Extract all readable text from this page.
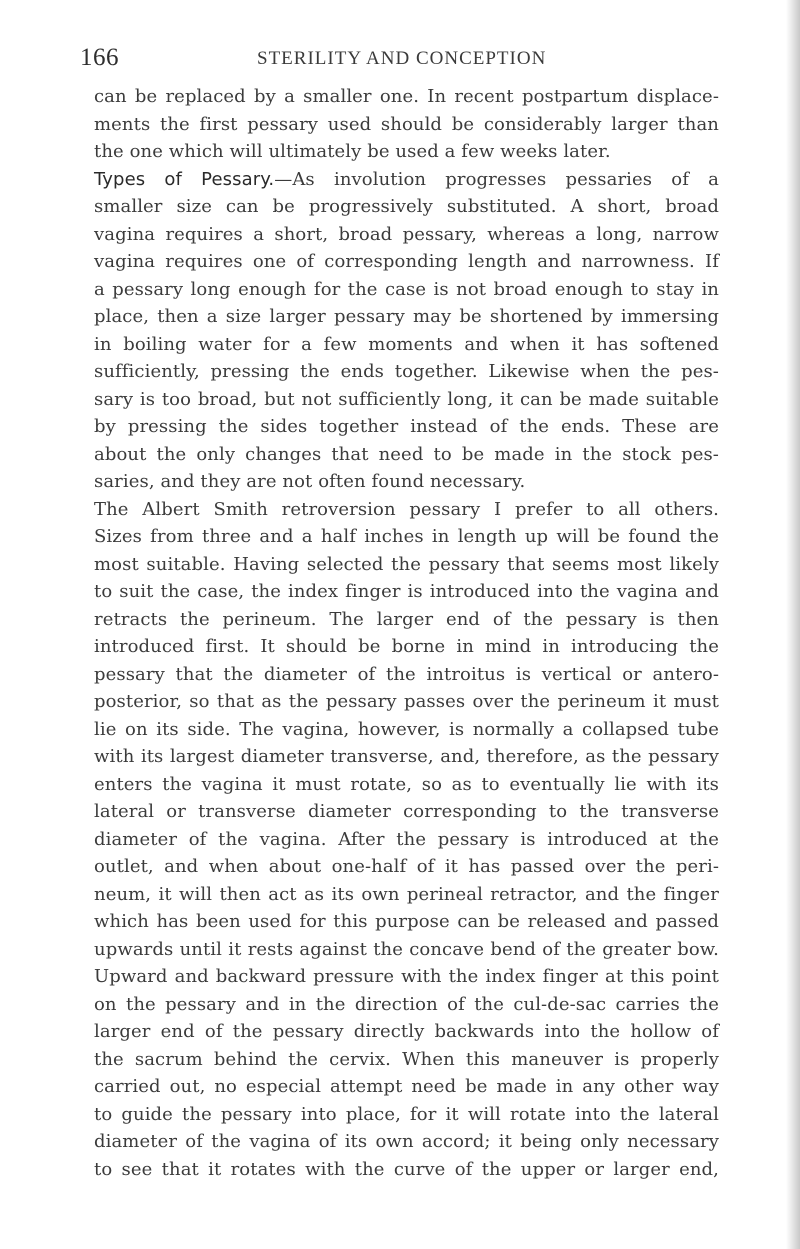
166	STERILITY AND CONCEPTION
can be replaced by a smaller one. In recent postpartum displace-
ments the first pessary used should be considerably larger than
the one which will ultimately be used a few weeks later.
Types of Pessary.—As involution progresses pessaries of a
smaller size can be progressively substituted. A short, broad
vagina requires a short, broad pessary, whereas a long, narrow
vagina requires one of corresponding length and narrowness. If
a pessary long enough for the case is not broad enough to stay in
place, then a size larger pessary may be shortened by immersing
in boiling water for a few moments and when it has softened
sufficiently, pressing the ends together. Likewise when the pes-
sary is too broad, but not sufficiently long, it can be made suitable
by pressing the sides together instead of the ends. These are
about the only changes that need to be made in the stock pes-
saries, and they are not often found necessary.
The Albert Smith retroversion pessary I prefer to all others.
Sizes from three and a half inches in length up will be found the
most suitable. Having selected the pessary that seems most likely
to suit the case, the index finger is introduced into the vagina and
retracts the perineum. The larger end of the pessary is then
introduced first. It should be borne in mind in introducing the
pessary that the diameter of the introitus is vertical or antero-
posterior, so that as the pessary passes over the perineum it must
lie on its side. The vagina, however, is normally a collapsed tube
with its largest diameter transverse, and, therefore, as the pessary
enters the vagina it must rotate, so as to eventually lie with its
lateral or transverse diameter corresponding to the transverse
diameter of the vagina. After the pessary is introduced at the
outlet, and when about one-half of it has passed over the peri-
neum, it will then act as its own perineal retractor, and the finger
which has been used for this purpose can be released and passed
upwards until it rests against the concave bend of the greater bow.
Upward and backward pressure with the index finger at this point
on the pessary and in the direction of the cul-de-sac carries the
larger end of the pessary directly backwards into the hollow of
the sacrum behind the cervix. When this maneuver is properly
carried out, no especial attempt need be made in any other way
to guide the pessary into place, for it will rotate into the lateral
diameter of the vagina of its own accord; it being only necessary
to see that it rotates with the curve of the upper or larger end,
